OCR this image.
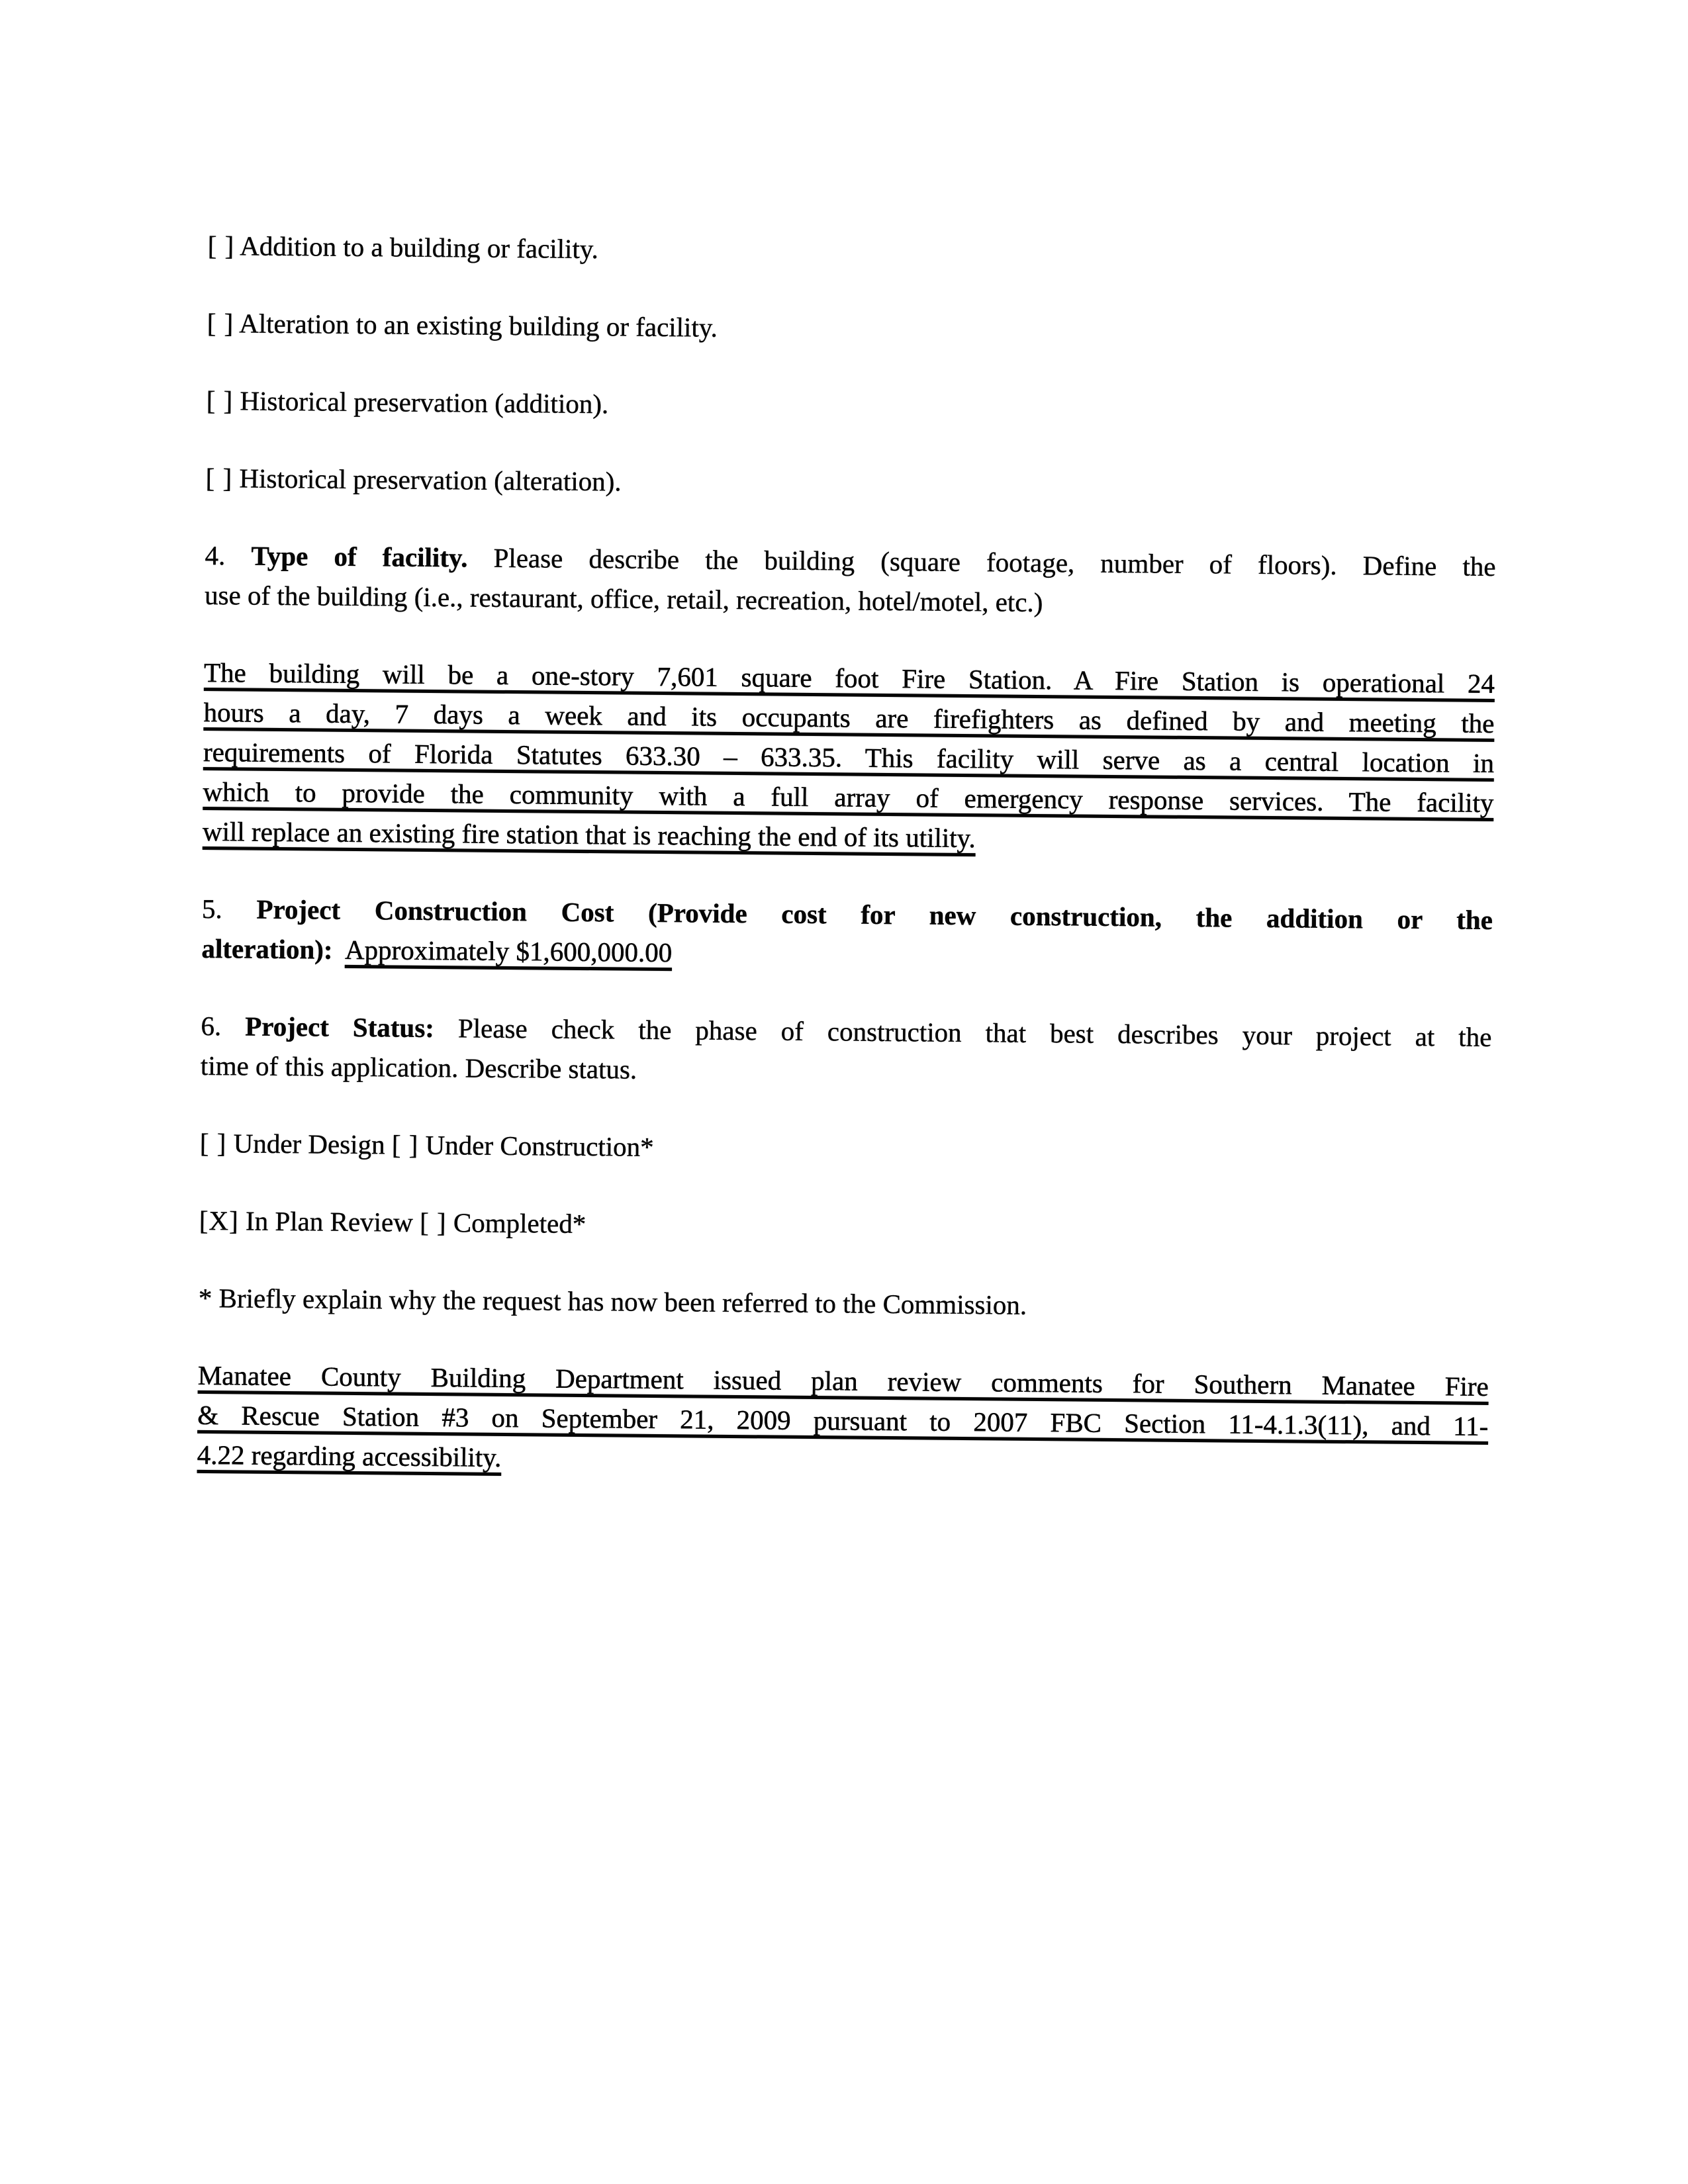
[ ] Addition to a building or facility.

[ ] Alteration to an existing building or facility.

[ ] Historical preservation (addition).

[ ] Historical preservation (alteration).

4. Type of facility. Please describe the building (square footage, number of floors). Define the
use of the building (i.e., restaurant, office, retail, recreation, hotel/motel, etc.)
The building will be a one-story 7,601 square foot Fire Station. A Fire Station is operational 24
hours a day, 7 days a week and its occupants are firefighters as defined by and meeting the
requirements of Florida Statutes 633.30 – 633.35. This facility will serve as a central location in
which to provide the community with a full array of emergency response services. The facility
will replace an existing fire station that is reaching the end of its utility.
5. Project Construction Cost (Provide cost for new construction, the addition or the
alteration): Approximately $1,600,000.00
6. Project Status: Please check the phase of construction that best describes your project at the
time of this application. Describe status.

[ ] Under Design [ ] Under Construction*

[X] In Plan Review [ ] Completed*

* Briefly explain why the request has now been referred to the Commission.

Manatee County Building Department issued plan review comments for Southern Manatee Fire
& Rescue Station #3 on September 21, 2009 pursuant to 2007 FBC Section 11-4.1.3(11), and 11-
4.22 regarding accessibility.
